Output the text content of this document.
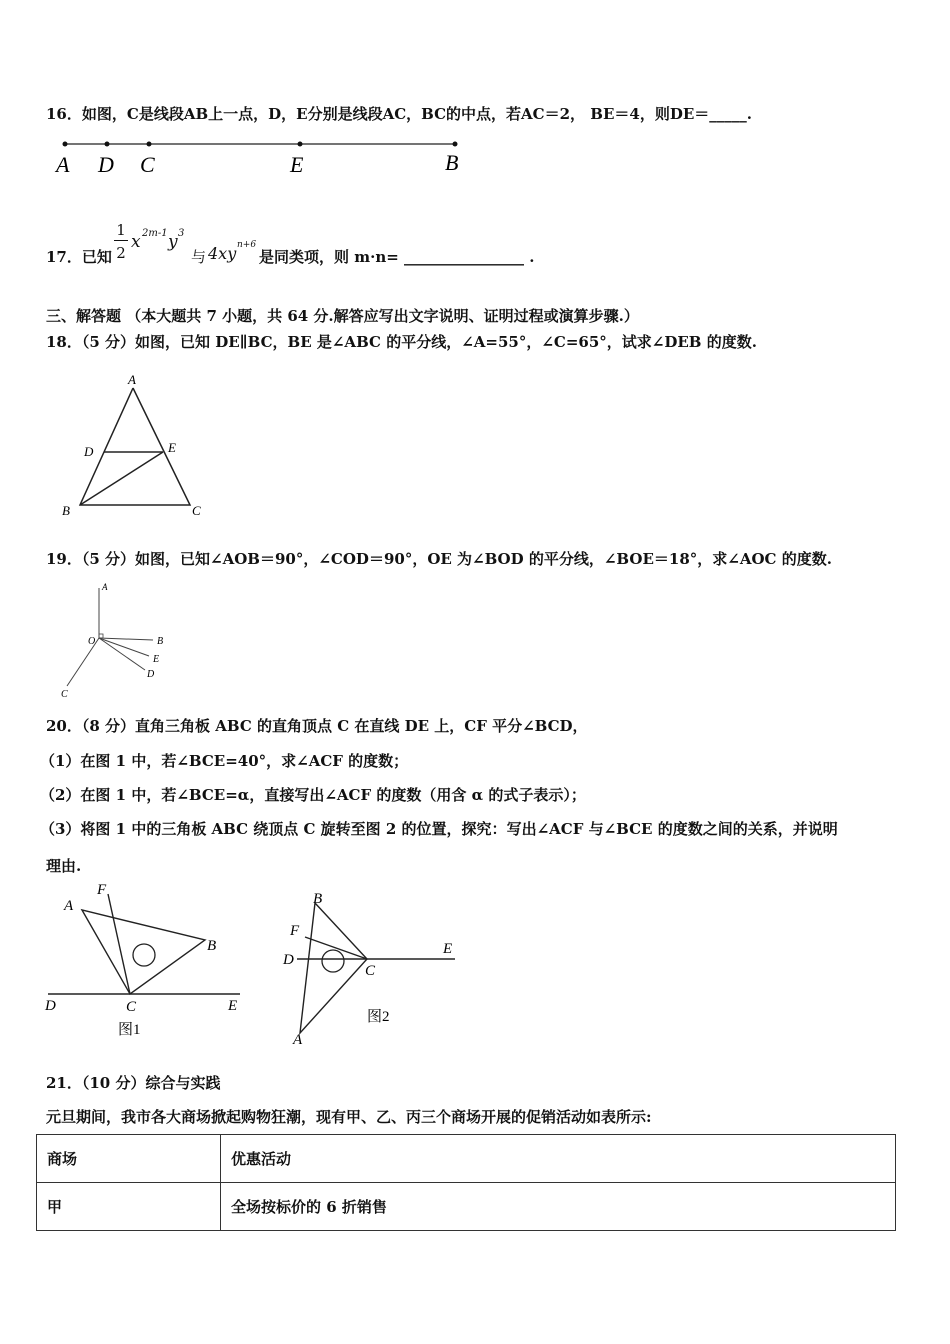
16．如图，C是线段AB上一点，D，E分别是线段AC，BC的中点，若AC＝2， BE＝4，则DE＝_____.
A D C	E	B
17．已知
1
2
x 2m-1 y 3
与 4xy n+6
是同类项，则 m·n= ________________ .
三、解答题 （本大题共 7 小题，共 64 分.解答应写出文字说明、证明过程或演算步骤.）
18．（5 分）如图，已知 DE∥BC，BE 是∠ABC 的平分线，∠A=55°，∠C=65°，试求∠DEB 的度数.
A
D	E
B	C
19．（5 分）如图，已知∠AOB＝90°，∠COD＝90°，OE 为∠BOD 的平分线，∠BOE＝18°，求∠AOC 的度数.
A
O	B
E
D
C
20．（8 分）直角三角板 ABC 的直角顶点 C 在直线 DE 上，CF 平分∠BCD，
（1）在图 1 中，若∠BCE=40°，求∠ACF 的度数；
（2）在图 1 中，若∠BCE=α，直接写出∠ACF 的度数（用含 α 的式子表示）；
（3）将图 1 中的三角板 ABC 绕顶点 C 旋转至图 2 的位置，探究：写出∠ACF 与∠BCE 的度数之间的关系，并说明
理由.
A
F
B
D	C	E
图1
B
F
D
C
E
A
图2
21．（10 分）综合与实践
元旦期间，我市各大商场掀起购物狂潮，现有甲、乙、丙三个商场开展的促销活动如表所示:
商场	优惠活动
甲	全场按标价的 6 折销售
